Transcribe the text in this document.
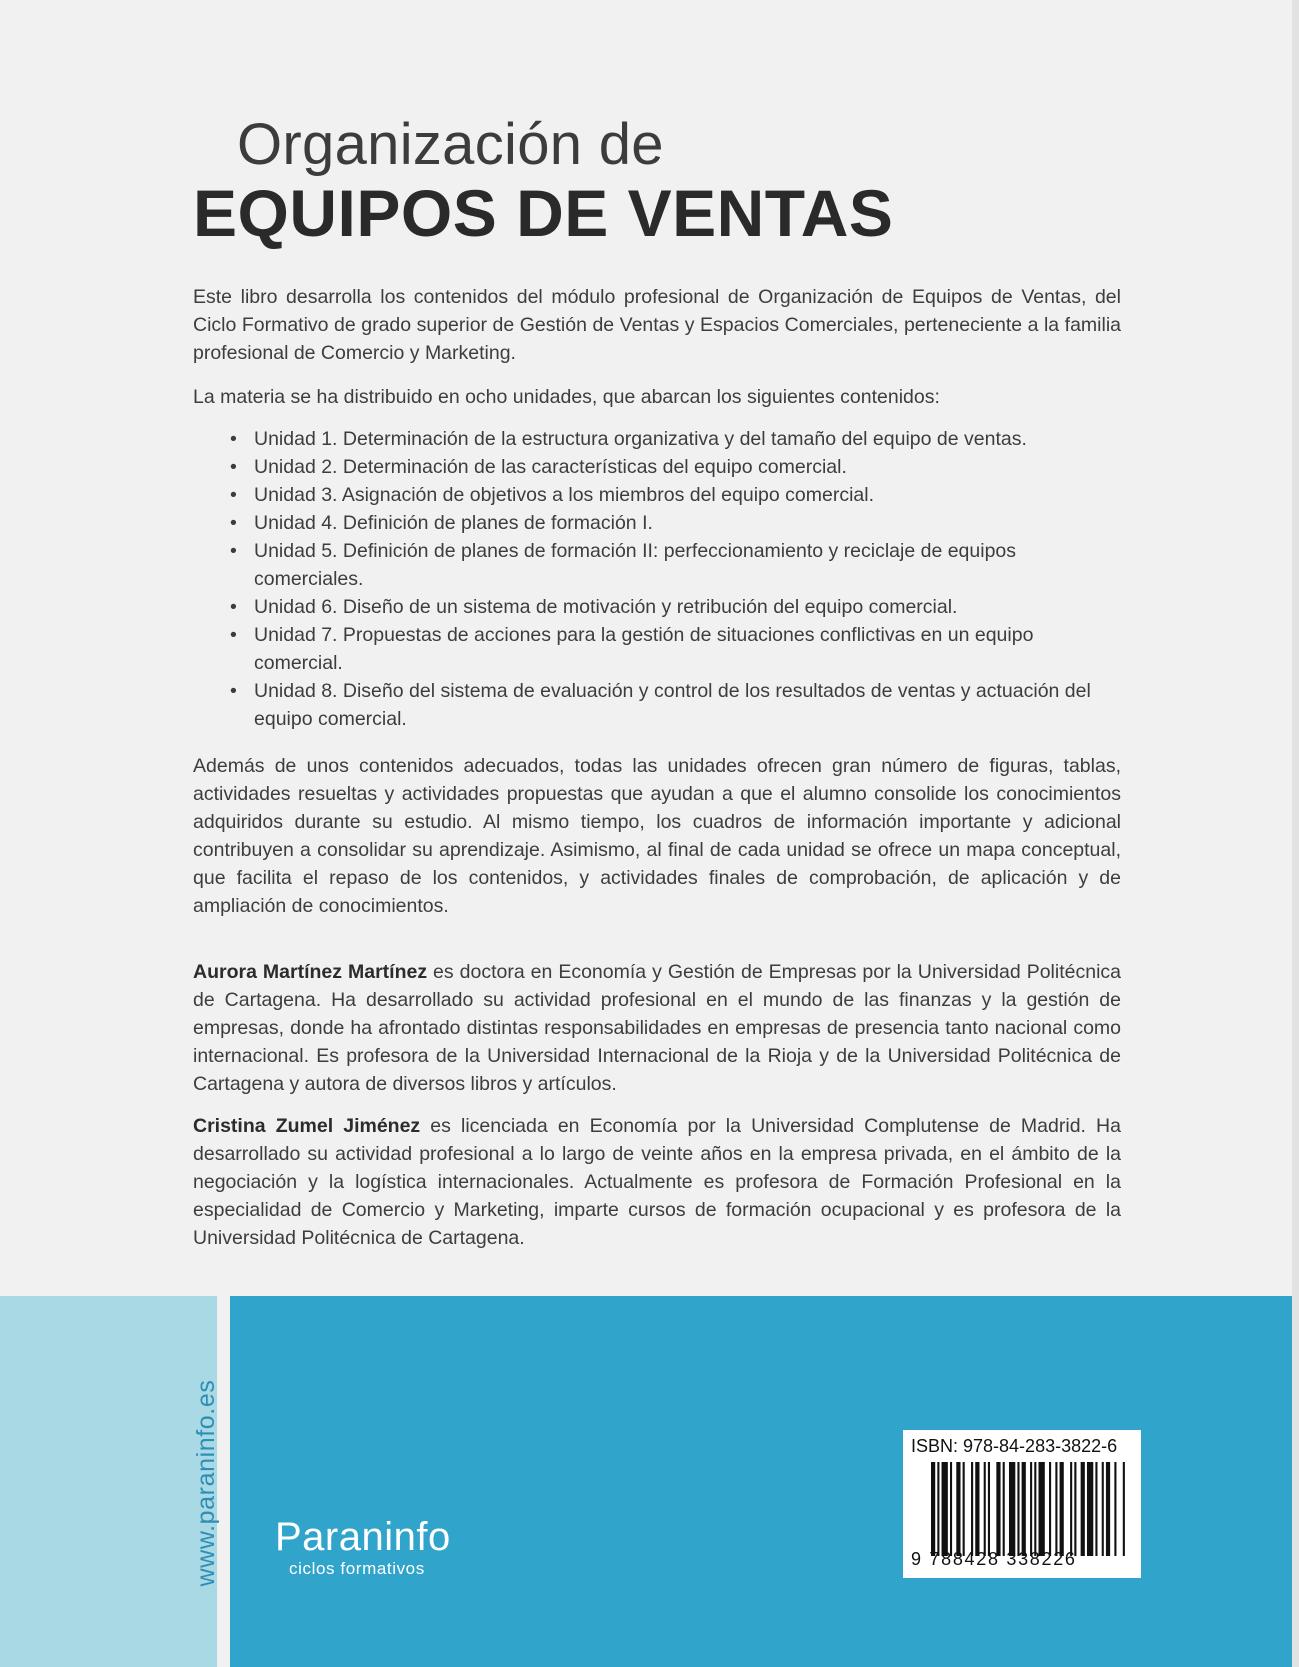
Organización de
EQUIPOS DE VENTAS

Este libro desarrolla los contenidos del módulo profesional de Organización de Equipos de Ventas, del Ciclo Formativo de grado superior de Gestión de Ventas y Espacios Comerciales, perteneciente a la familia profesional de Comercio y Marketing.

La materia se ha distribuido en ocho unidades, que abarcan los siguientes contenidos:

• Unidad 1. Determinación de la estructura organizativa y del tamaño del equipo de ventas.
• Unidad 2. Determinación de las características del equipo comercial.
• Unidad 3. Asignación de objetivos a los miembros del equipo comercial.
• Unidad 4. Definición de planes de formación I.
• Unidad 5. Definición de planes de formación II: perfeccionamiento y reciclaje de equipos comerciales.
• Unidad 6. Diseño de un sistema de motivación y retribución del equipo comercial.
• Unidad 7. Propuestas de acciones para la gestión de situaciones conflictivas en un equipo comercial.
• Unidad 8. Diseño del sistema de evaluación y control de los resultados de ventas y actuación del equipo comercial.

Además de unos contenidos adecuados, todas las unidades ofrecen gran número de figuras, tablas, actividades resueltas y actividades propuestas que ayudan a que el alumno consolide los conocimientos adquiridos durante su estudio. Al mismo tiempo, los cuadros de información importante y adicional contribuyen a consolidar su aprendizaje. Asimismo, al final de cada unidad se ofrece un mapa conceptual, que facilita el repaso de los contenidos, y actividades finales de comprobación, de aplicación y de ampliación de conocimientos.

Aurora Martínez Martínez es doctora en Economía y Gestión de Empresas por la Universidad Politécnica de Cartagena. Ha desarrollado su actividad profesional en el mundo de las finanzas y la gestión de empresas, donde ha afrontado distintas responsabilidades en empresas de presencia tanto nacional como internacional. Es profesora de la Universidad Internacional de la Rioja y de la Universidad Politécnica de Cartagena y autora de diversos libros y artículos.

Cristina Zumel Jiménez es licenciada en Economía por la Universidad Complutense de Madrid. Ha desarrollado su actividad profesional a lo largo de veinte años en la empresa privada, en el ámbito de la negociación y la logística internacionales. Actualmente es profesora de Formación Profesional en la especialidad de Comercio y Marketing, imparte cursos de formación ocupacional y es profesora de la Universidad Politécnica de Cartagena.

www.paraninfo.es Paraninfo
ciclos formativos
ISBN: 978-84-283-3822-6
9 788428 338226
